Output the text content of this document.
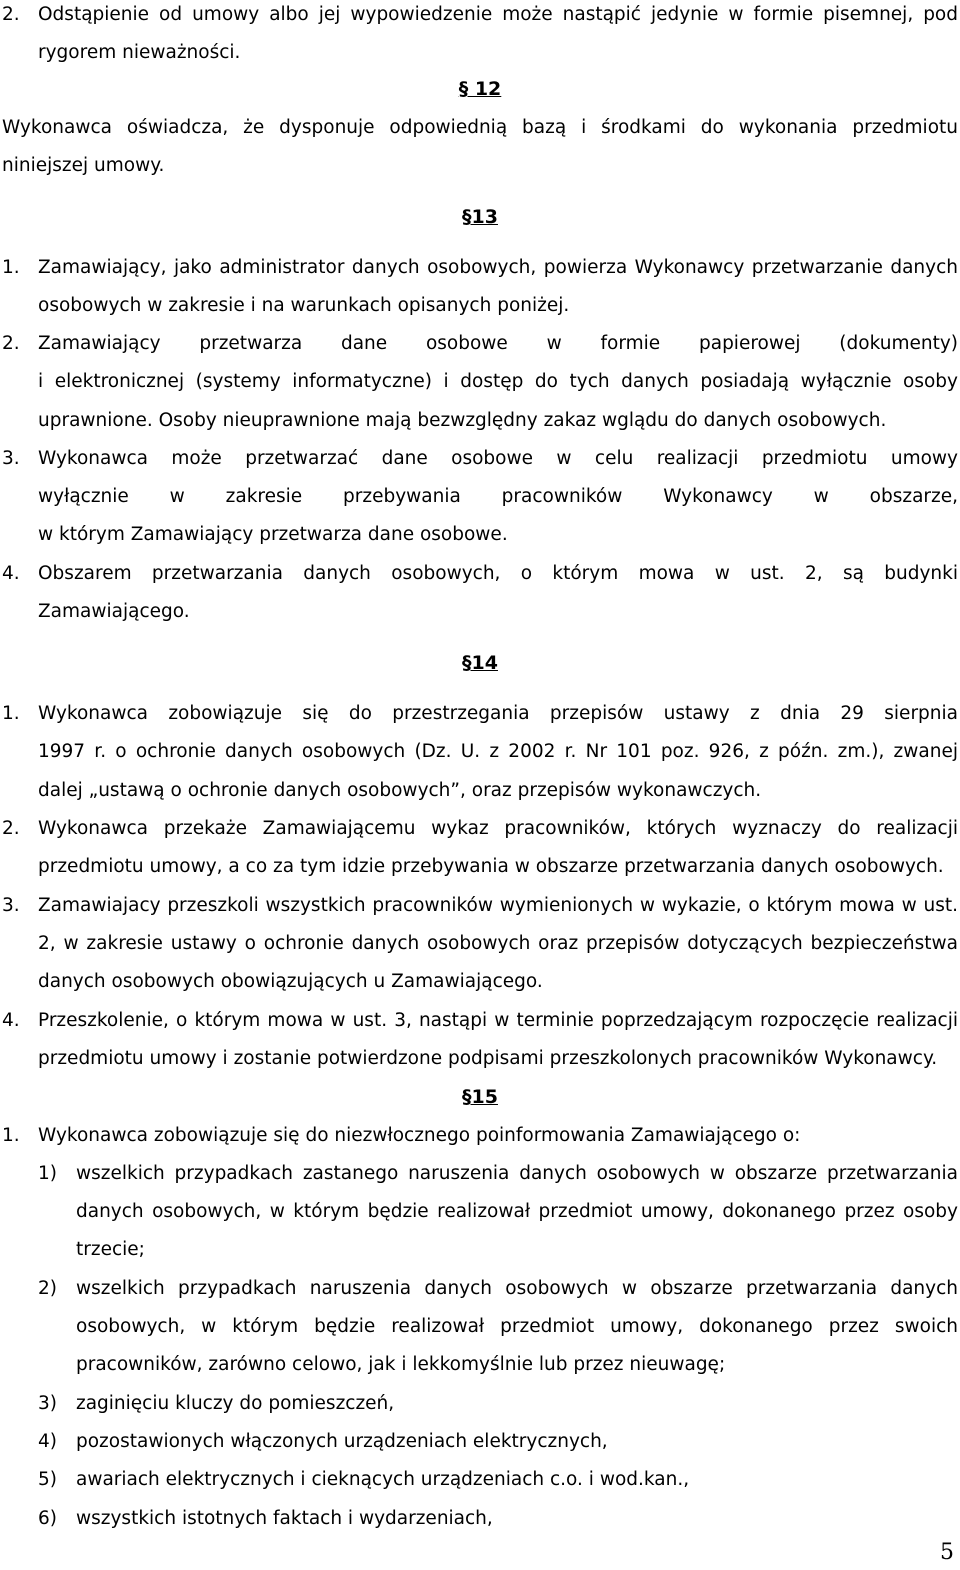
2. Odstąpienie od umowy albo jej wypowiedzenie może nastąpić jedynie w formie pisemnej, pod
rygorem nieważności.
§ 12
Wykonawca oświadcza, że dysponuje odpowiednią bazą i środkami do wykonania przedmiotu
niniejszej umowy.
§13
1. Zamawiający, jako administrator danych osobowych, powierza Wykonawcy przetwarzanie danych
osobowych w zakresie i na warunkach opisanych poniżej.
2. Zamawiający przetwarza dane osobowe w formie papierowej (dokumenty)
i elektronicznej (systemy informatyczne) i dostęp do tych danych posiadają wyłącznie osoby
uprawnione. Osoby nieuprawnione mają bezwzględny zakaz wglądu do danych osobowych.
3. Wykonawca może przetwarzać dane osobowe w celu realizacji przedmiotu umowy
wyłącznie w zakresie przebywania pracowników Wykonawcy w obszarze,
w którym Zamawiający przetwarza dane osobowe.
4. Obszarem przetwarzania danych osobowych, o którym mowa w ust. 2, są budynki
Zamawiającego.
§14
1. Wykonawca zobowiązuje się do przestrzegania przepisów ustawy z dnia 29 sierpnia
1997 r. o ochronie danych osobowych (Dz. U. z 2002 r. Nr 101 poz. 926, z późn. zm.), zwanej
dalej „ustawą o ochronie danych osobowych”, oraz przepisów wykonawczych.
2. Wykonawca przekaże Zamawiającemu wykaz pracowników, których wyznaczy do realizacji
przedmiotu umowy, a co za tym idzie przebywania w obszarze przetwarzania danych osobowych.
3. Zamawiajacy przeszkoli wszystkich pracowników wymienionych w wykazie, o którym mowa w ust.
2, w zakresie ustawy o ochronie danych osobowych oraz przepisów dotyczących bezpieczeństwa
danych osobowych obowiązujących u Zamawiającego.
4. Przeszkolenie, o którym mowa w ust. 3, nastąpi w terminie poprzedzającym rozpoczęcie realizacji
przedmiotu umowy i zostanie potwierdzone podpisami przeszkolonych pracowników Wykonawcy.
§15
1. Wykonawca zobowiązuje się do niezwłocznego poinformowania Zamawiającego o:
1) wszelkich przypadkach zastanego naruszenia danych osobowych w obszarze przetwarzania
danych osobowych, w którym będzie realizował przedmiot umowy, dokonanego przez osoby
trzecie;
2) wszelkich przypadkach naruszenia danych osobowych w obszarze przetwarzania danych
osobowych, w którym będzie realizował przedmiot umowy, dokonanego przez swoich
pracowników, zarówno celowo, jak i lekkomyślnie lub przez nieuwagę;
3) zaginięciu kluczy do pomieszczeń,
4) pozostawionych włączonych urządzeniach elektrycznych,
5) awariach elektrycznych i cieknących urządzeniach c.o. i wod.kan.,
6) wszystkich istotnych faktach i wydarzeniach,
5
